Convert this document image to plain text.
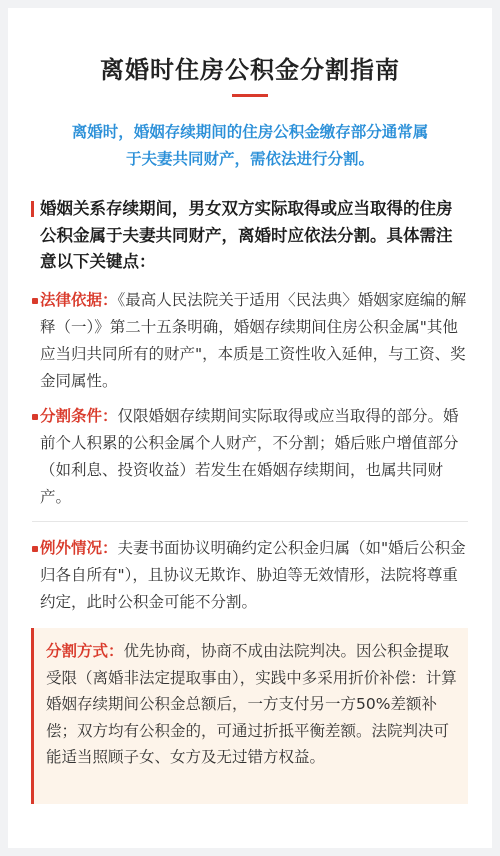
离婚时住房公积金分割指南
离婚时，婚姻存续期间的住房公积金缴存部分通常属
于夫妻共同财产，需依法进行分割。
婚姻关系存续期间，男女双方实际取得或应当取得的住房公积金属于夫妻共同财产，离婚时应依法分割。具体需注意以下关键点：
法律依据：《最高人民法院关于适用〈民法典〉婚姻家庭编的解释（一）》第二十五条明确，婚姻存续期间住房公积金属"其他应当归共同所有的财产"，本质是工资性收入延伸，与工资、奖金同属性。
分割条件：仅限婚姻存续期间实际取得或应当取得的部分。婚前个人积累的公积金属个人财产，不分割；婚后账户增值部分（如利息、投资收益）若发生在婚姻存续期间，也属共同财产。
例外情况：夫妻书面协议明确约定公积金归属（如"婚后公积金归各自所有"），且协议无欺诈、胁迫等无效情形，法院将尊重约定，此时公积金可能不分割。
分割方式：优先协商，协商不成由法院判决。因公积金提取受限（离婚非法定提取事由），实践中多采用折价补偿：计算婚姻存续期间公积金总额后，一方支付另一方50%差额补偿；双方均有公积金的，可通过折抵平衡差额。法院判决可能适当照顾子女、女方及无过错方权益。
